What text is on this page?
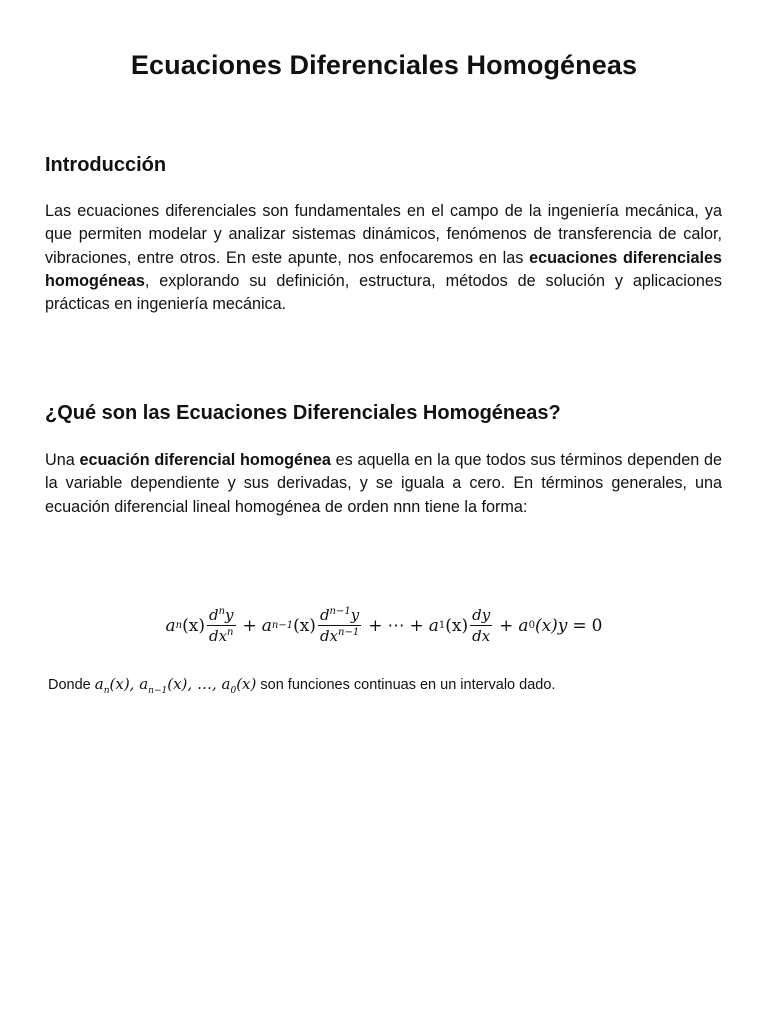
Ecuaciones Diferenciales Homogéneas
Introducción

Las ecuaciones diferenciales son fundamentales en el campo de la ingeniería mecánica, ya que permiten modelar y analizar sistemas dinámicos, fenómenos de transferencia de calor, vibraciones, entre otros. En este apunte, nos enfocaremos en las ecuaciones diferenciales homogéneas, explorando su definición, estructura, métodos de solución y aplicaciones prácticas en ingeniería mecánica.

¿Qué son las Ecuaciones Diferenciales Homogéneas?

Una ecuación diferencial homogénea es aquella en la que todos sus términos dependen de la variable dependiente y sus derivadas, y se iguala a cero. En términos generales, una ecuación diferencial lineal homogénea de orden nnn tiene la forma:

a n $(x) \frac{d^ny}{dx^n} + a$ n−1 $(x) \frac{d^{n-1}y}{dx^{n-1}}$ + ⋯ + a 1 $(x) \frac{dy}{dx} + a$ 0 (x)y = 0
Donde $a_n(x)$, $a_{n-1}(x)$, …, $a_0(x)$ son funciones continuas en un intervalo dado.
